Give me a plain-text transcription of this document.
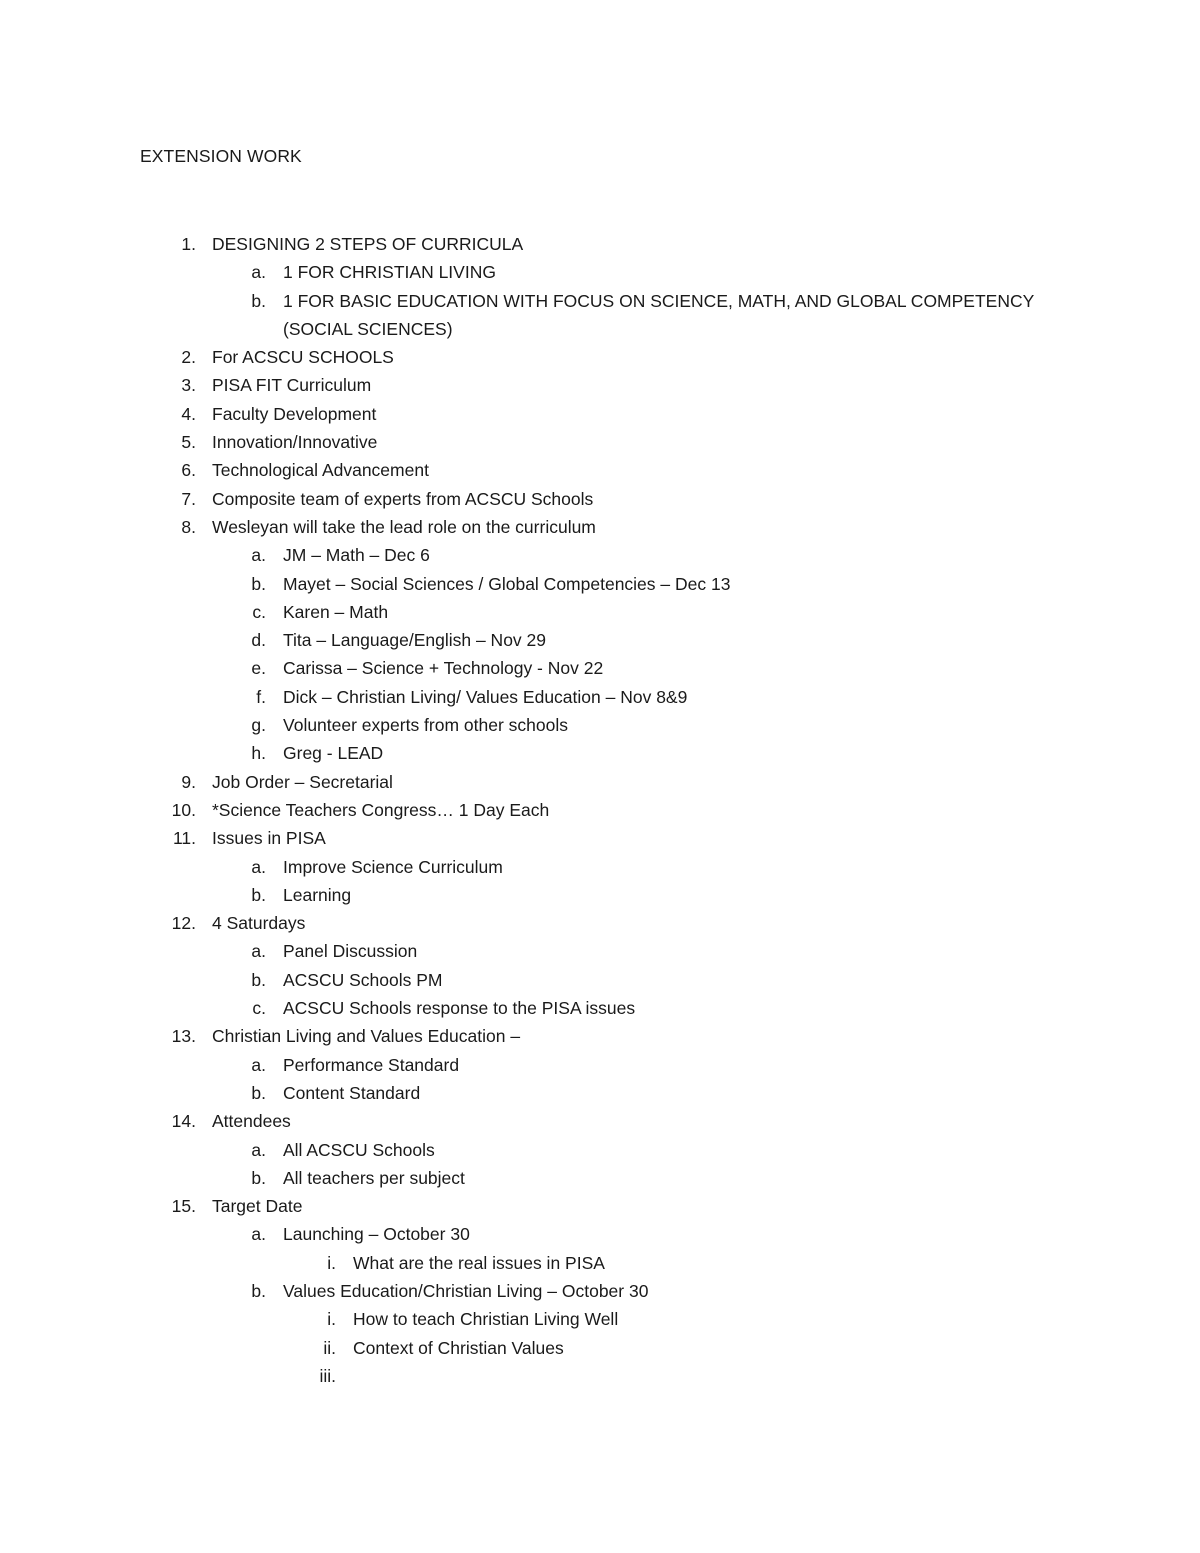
EXTENSION WORK
1. DESIGNING 2 STEPS OF CURRICULA
a. 1 FOR CHRISTIAN LIVING
b. 1 FOR BASIC EDUCATION WITH FOCUS ON SCIENCE, MATH, AND GLOBAL COMPETENCY (SOCIAL SCIENCES)
2. For ACSCU SCHOOLS
3. PISA FIT Curriculum
4. Faculty Development
5. Innovation/Innovative
6. Technological Advancement
7. Composite team of experts from ACSCU Schools
8. Wesleyan will take the lead role on the curriculum
a. JM – Math – Dec 6
b. Mayet – Social Sciences / Global Competencies – Dec 13
c. Karen – Math
d. Tita – Language/English – Nov 29
e. Carissa – Science + Technology - Nov 22
f. Dick – Christian Living/ Values Education – Nov 8&9
g. Volunteer experts from other schools
h. Greg - LEAD
9. Job Order – Secretarial
10. *Science Teachers Congress… 1 Day Each
11. Issues in PISA
a. Improve Science Curriculum
b. Learning
12. 4 Saturdays
a. Panel Discussion
b. ACSCU Schools PM
c. ACSCU Schools response to the PISA issues
13. Christian Living and Values Education –
a. Performance Standard
b. Content Standard
14. Attendees
a. All ACSCU Schools
b. All teachers per subject
15. Target Date
a. Launching – October 30
i. What are the real issues in PISA
b. Values Education/Christian Living – October 30
i. How to teach Christian Living Well
ii. Context of Christian Values
iii.
